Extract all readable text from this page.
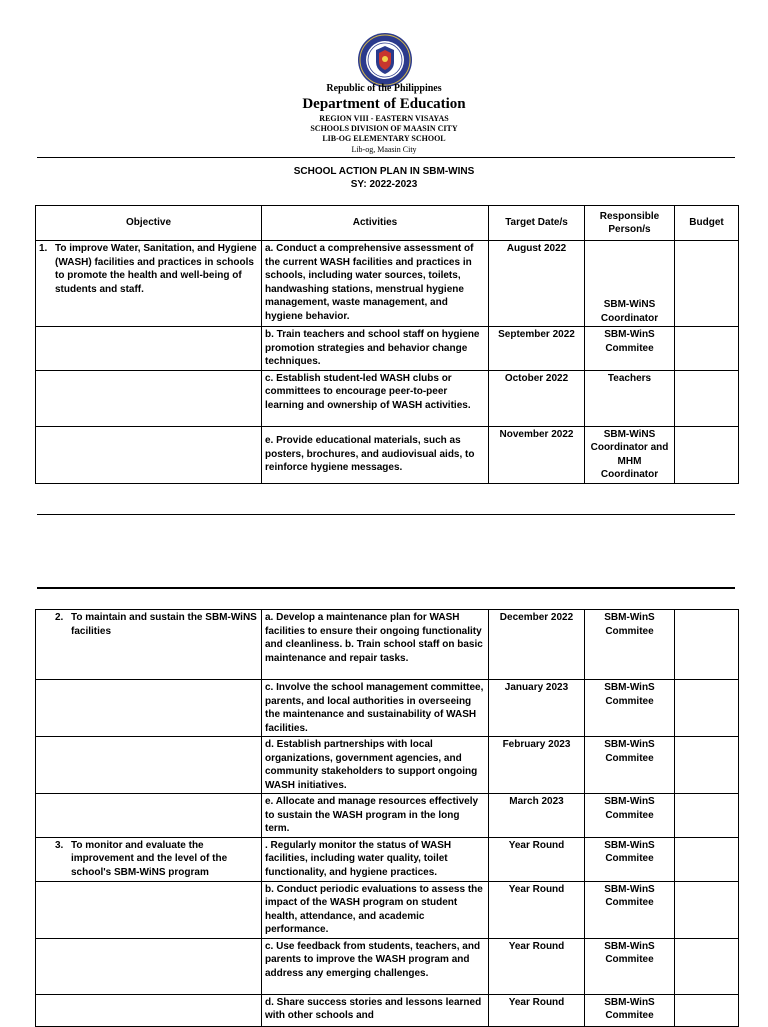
Republic of the Philippines
Department of Education
REGION VIII - EASTERN VISAYAS
SCHOOLS DIVISION OF MAASIN CITY
LIB-OG ELEMENTARY SCHOOL
Lib-og, Maasin City
SCHOOL ACTION PLAN IN SBM-WINS
SY: 2022-2023
Objective	Activities	Target Date/s	Responsible Person/s	Budget

1. To improve Water, Sanitation, and Hygiene (WASH) facilities and practices in schools to promote the health and well-being of students and staff.	a. Conduct a comprehensive assessment of the current WASH facilities and practices in schools, including water sources, toilets, handwashing stations, menstrual hygiene management, waste management, and hygiene behavior.	August 2022	SBM-WiNS Coordinator	

	b. Train teachers and school staff on hygiene promotion strategies and behavior change techniques.	September 2022	SBM-WinS Commitee	

	c. Establish student-led WASH clubs or committees to encourage peer-to-peer learning and ownership of WASH activities.	October 2022	Teachers	

	e. Provide educational materials, such as posters, brochures, and audiovisual aids, to reinforce hygiene messages.	November 2022	SBM-WiNS Coordinator and MHM Coordinator	
2. To maintain and sustain the SBM-WiNS facilities	a. Develop a maintenance plan for WASH facilities to ensure their ongoing functionality and cleanliness. b. Train school staff on basic maintenance and repair tasks.	December 2022	SBM-WinS Commitee	

	c. Involve the school management committee, parents, and local authorities in overseeing the maintenance and sustainability of WASH facilities.	January 2023	SBM-WinS Commitee	

	d. Establish partnerships with local organizations, government agencies, and community stakeholders to support ongoing WASH initiatives.	February 2023	SBM-WinS Commitee	

	e. Allocate and manage resources effectively to sustain the WASH program in the long term.	March 2023	SBM-WinS Commitee	

3. To monitor and evaluate the improvement and the level of the school's SBM-WiNS program	. Regularly monitor the status of WASH facilities, including water quality, toilet functionality, and hygiene practices.	Year Round	SBM-WinS Commitee	

	b. Conduct periodic evaluations to assess the impact of the WASH program on student health, attendance, and academic performance.	Year Round	SBM-WinS Commitee	

	c. Use feedback from students, teachers, and parents to improve the WASH program and address any emerging challenges.	Year Round	SBM-WinS Commitee	

	d. Share success stories and lessons learned with other schools and	Year Round	SBM-WinS Commitee	
